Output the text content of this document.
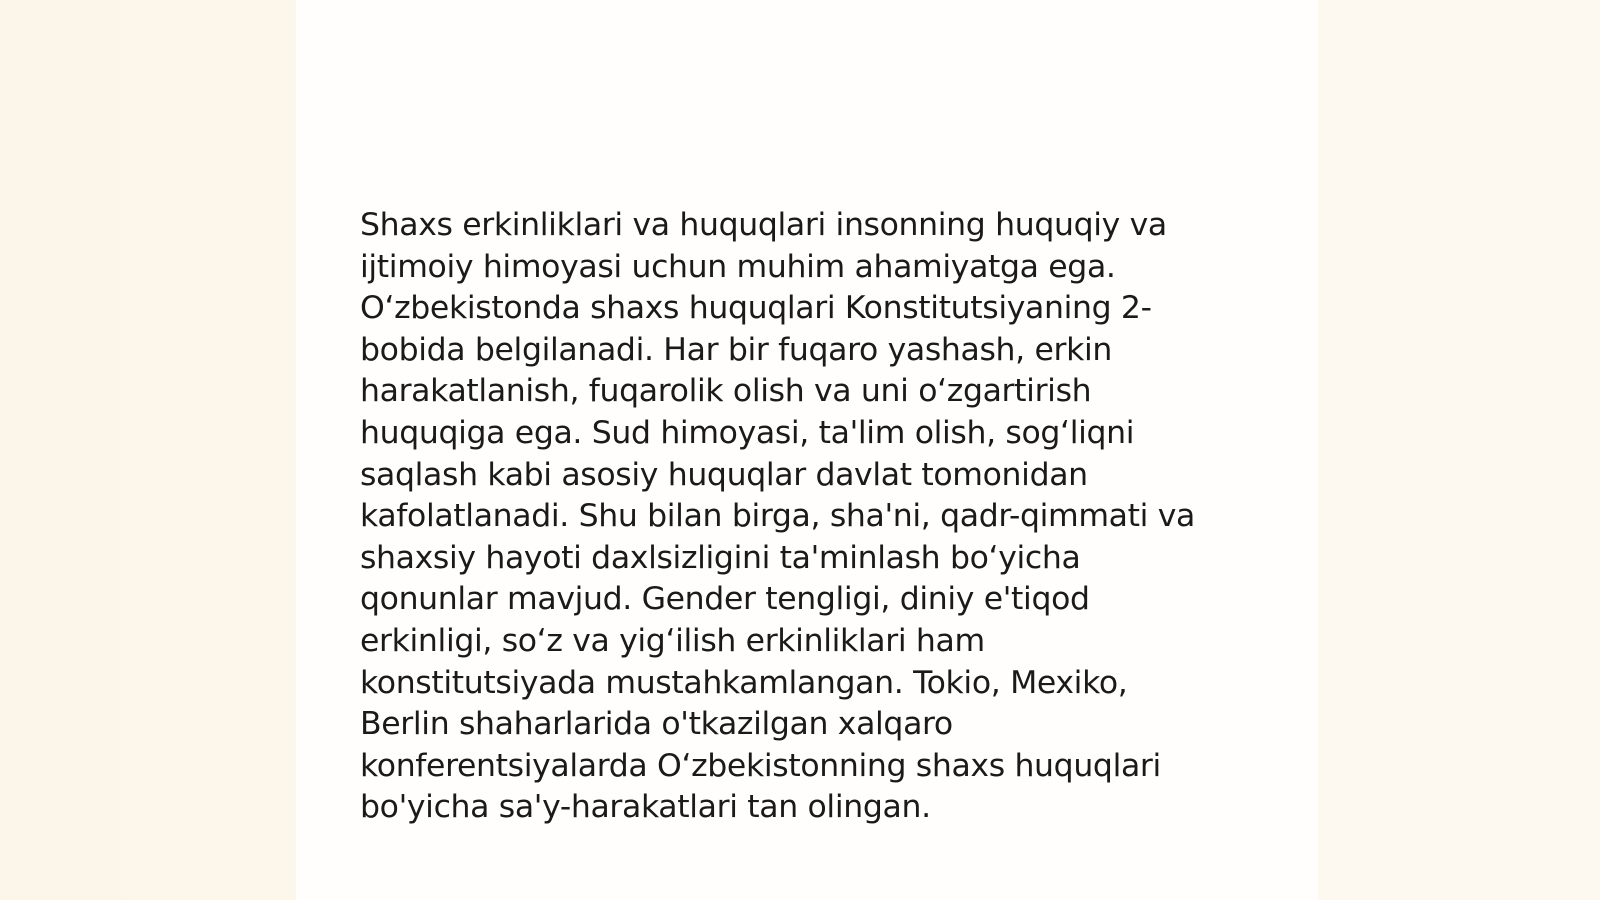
Shaxs erkinliklari va huquqlari insonning huquqiy va
ijtimoiy himoyasi uchun muhim ahamiyatga ega.
O‘zbekistonda shaxs huquqlari Konstitutsiyaning 2-
bobida belgilanadi. Har bir fuqaro yashash, erkin
harakatlanish, fuqarolik olish va uni o‘zgartirish
huquqiga ega. Sud himoyasi, ta'lim olish, sog‘liqni
saqlash kabi asosiy huquqlar davlat tomonidan
kafolatlanadi. Shu bilan birga, sha'ni, qadr-qimmati va
shaxsiy hayoti daxlsizligini ta'minlash bo‘yicha
qonunlar mavjud. Gender tengligi, diniy e'tiqod
erkinligi, so‘z va yig‘ilish erkinliklari ham
konstitutsiyada mustahkamlangan. Tokio, Mexiko,
Berlin shaharlarida o'tkazilgan xalqaro
konferentsiyalarda O‘zbekistonning shaxs huquqlari
bo'yicha sa'y-harakatlari tan olingan.
